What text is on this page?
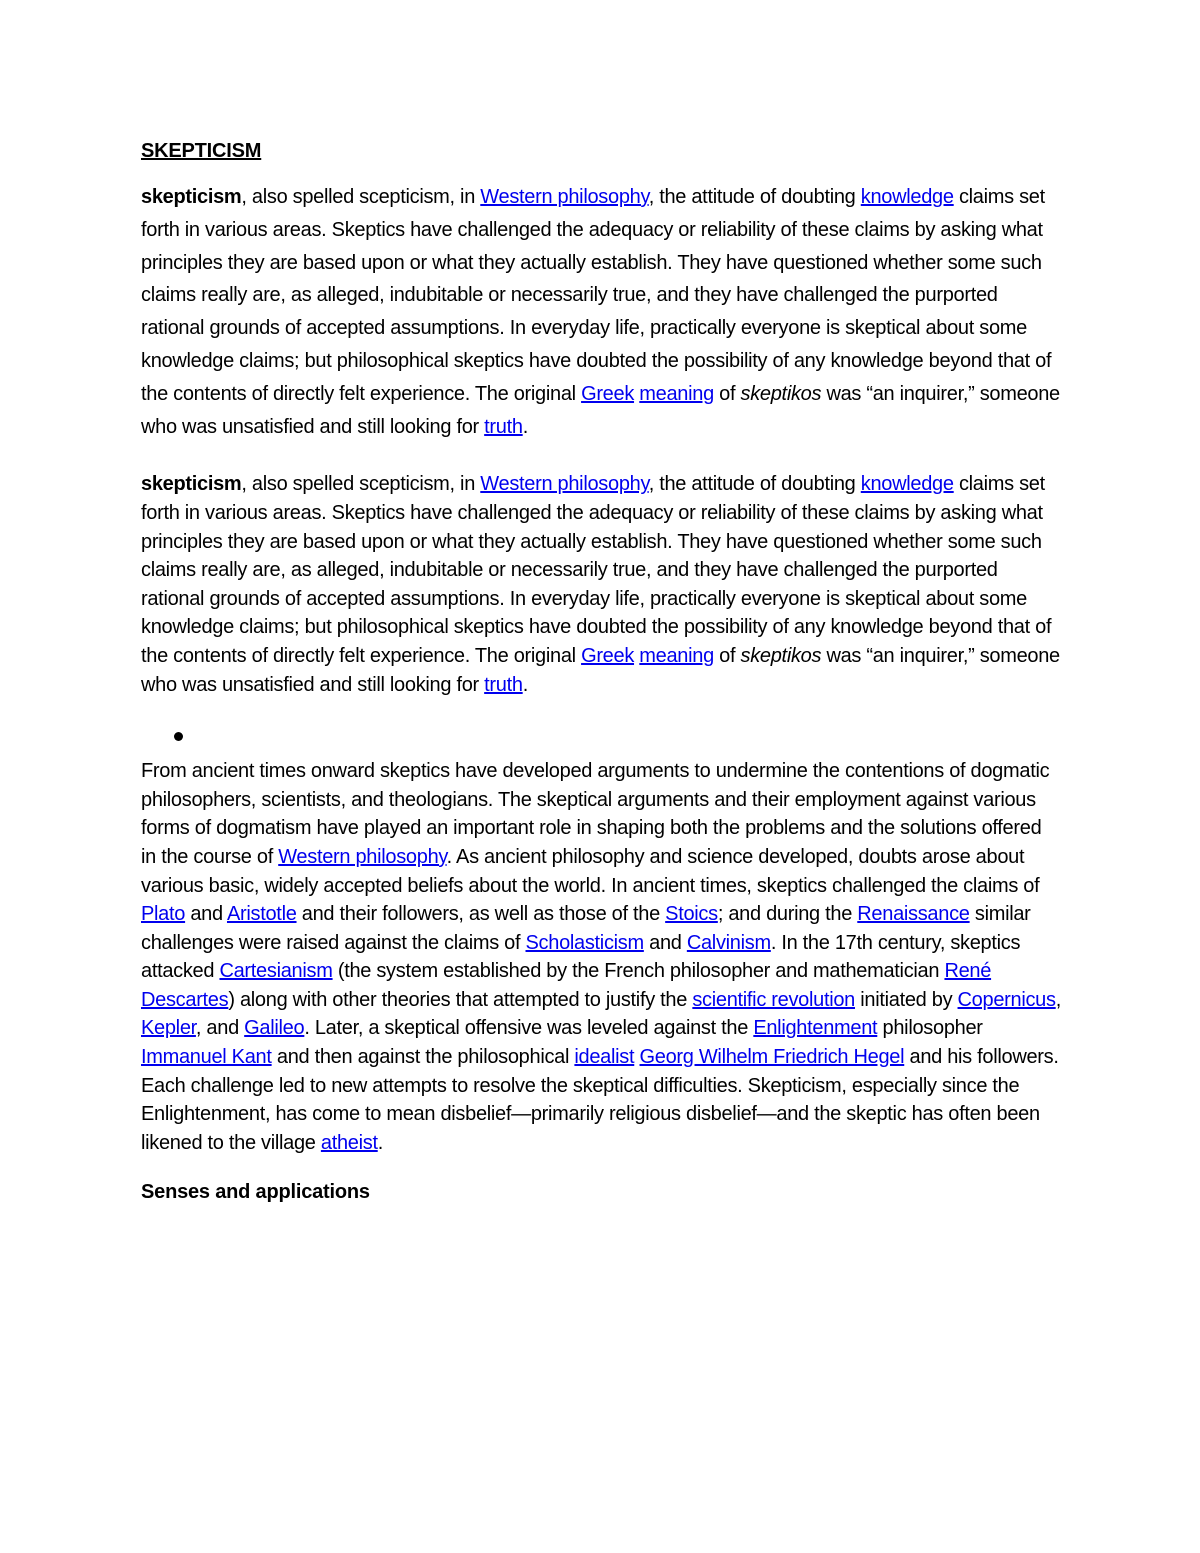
SKEPTICISM

skepticism, also spelled scepticism, in Western philosophy, the attitude of doubting knowledge claims set forth in various areas. Skeptics have challenged the adequacy or reliability of these claims by asking what principles they are based upon or what they actually establish. They have questioned whether some such claims really are, as alleged, indubitable or necessarily true, and they have challenged the purported rational grounds of accepted assumptions. In everyday life, practically everyone is skeptical about some knowledge claims; but philosophical skeptics have doubted the possibility of any knowledge beyond that of the contents of directly felt experience. The original Greek meaning of skeptikos was “an inquirer,” someone who was unsatisfied and still looking for truth.

skepticism, also spelled scepticism, in Western philosophy, the attitude of doubting knowledge claims set forth in various areas. Skeptics have challenged the adequacy or reliability of these claims by asking what principles they are based upon or what they actually establish. They have questioned whether some such claims really are, as alleged, indubitable or necessarily true, and they have challenged the purported rational grounds of accepted assumptions. In everyday life, practically everyone is skeptical about some knowledge claims; but philosophical skeptics have doubted the possibility of any knowledge beyond that of the contents of directly felt experience. The original Greek meaning of skeptikos was “an inquirer,” someone who was unsatisfied and still looking for truth.

From ancient times onward skeptics have developed arguments to undermine the contentions of dogmatic philosophers, scientists, and theologians. The skeptical arguments and their employment against various forms of dogmatism have played an important role in shaping both the problems and the solutions offered in the course of Western philosophy. As ancient philosophy and science developed, doubts arose about various basic, widely accepted beliefs about the world. In ancient times, skeptics challenged the claims of Plato and Aristotle and their followers, as well as those of the Stoics; and during the Renaissance similar challenges were raised against the claims of Scholasticism and Calvinism. In the 17th century, skeptics attacked Cartesianism (the system established by the French philosopher and mathematician René Descartes) along with other theories that attempted to justify the scientific revolution initiated by Copernicus, Kepler, and Galileo. Later, a skeptical offensive was leveled against the Enlightenment philosopher Immanuel Kant and then against the philosophical idealist Georg Wilhelm Friedrich Hegel and his followers. Each challenge led to new attempts to resolve the skeptical difficulties. Skepticism, especially since the Enlightenment, has come to mean disbelief—primarily religious disbelief—and the skeptic has often been likened to the village atheist.

Senses and applications
